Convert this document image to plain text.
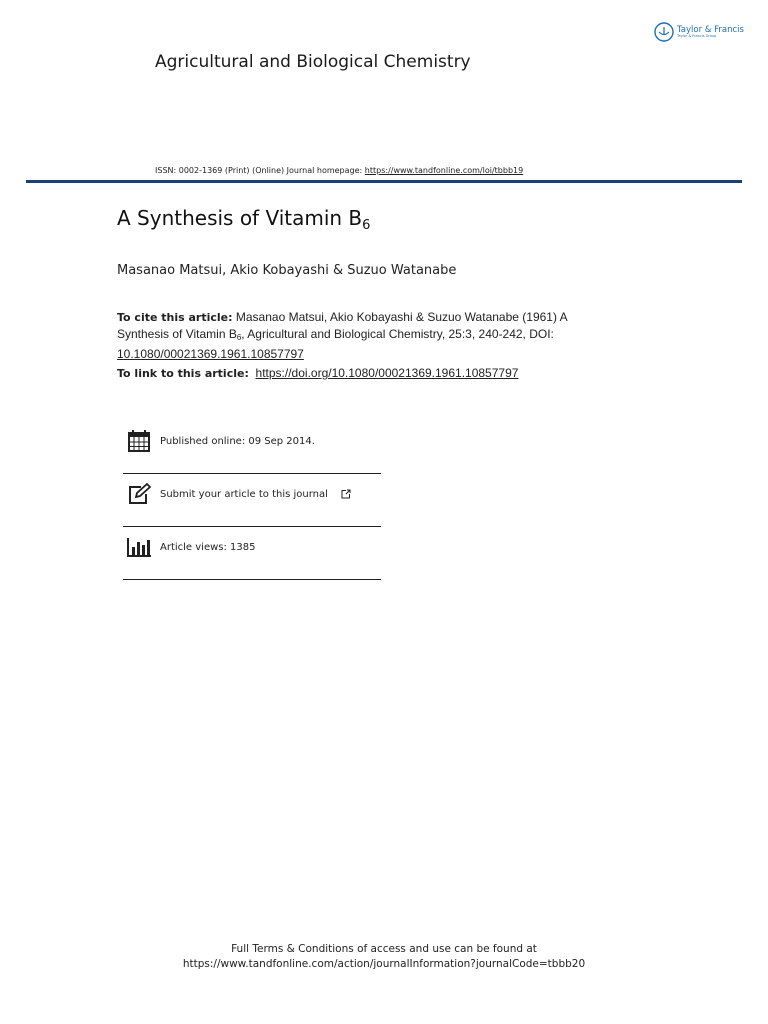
Taylor & Francis
Taylor & Francis Group
Agricultural and Biological Chemistry
ISSN: 0002-1369 (Print) (Online) Journal homepage: https://www.tandfonline.com/loi/tbbb19
A Synthesis of Vitamin $B_6$
Masanao Matsui, Akio Kobayashi & Suzuo Watanabe
To cite this article: Masanao Matsui, Akio Kobayashi & Suzuo Watanabe (1961) A Synthesis of Vitamin $B_6$, Agricultural and Biological Chemistry, 25:3, 240-242, DOI: 10.1080/00021369.1961.10857797
To link to this article: https://doi.org/10.1080/00021369.1961.10857797
Published online: 09 Sep 2014.
Submit your article to this journal
Article views: 1385
Full Terms & Conditions of access and use can be found at
https://www.tandfonline.com/action/journalInformation?journalCode=tbbb20
